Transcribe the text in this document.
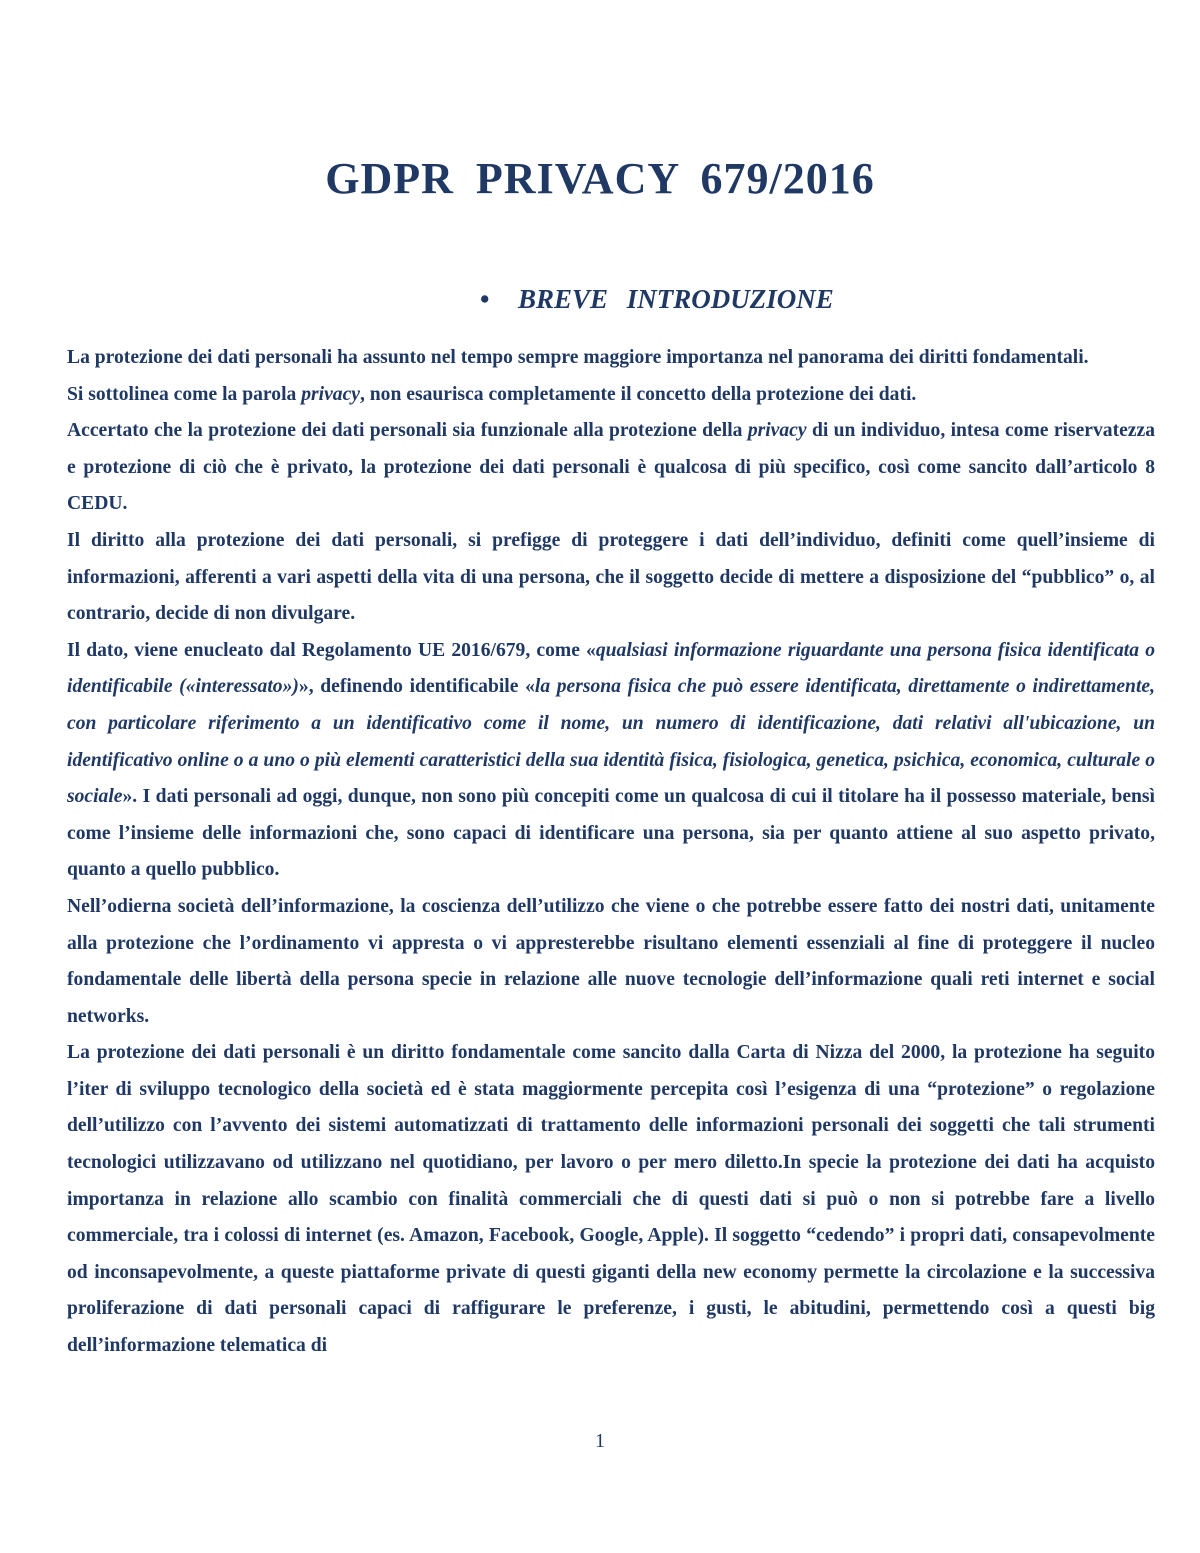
GDPR PRIVACY 679/2016
• BREVE INTRODUZIONE

La protezione dei dati personali ha assunto nel tempo sempre maggiore importanza nel panorama dei diritti fondamentali.

Si sottolinea come la parola privacy, non esaurisca completamente il concetto della protezione dei dati.

Accertato che la protezione dei dati personali sia funzionale alla protezione della privacy di un individuo, intesa come riservatezza e protezione di ciò che è privato, la protezione dei dati personali è qualcosa di più specifico, così come sancito dall’articolo 8 CEDU.

Il diritto alla protezione dei dati personali, si prefigge di proteggere i dati dell’individuo, definiti come quell’insieme di informazioni, afferenti a vari aspetti della vita di una persona, che il soggetto decide di mettere a disposizione del “pubblico” o, al contrario, decide di non divulgare.

Il dato, viene enucleato dal Regolamento UE 2016/679, come «qualsiasi informazione riguardante una persona fisica identificata o identificabile («interessato»)», definendo identificabile «la persona fisica che può essere identificata, direttamente o indirettamente, con particolare riferimento a un identificativo come il nome, un numero di identificazione, dati relativi all'ubicazione, un identificativo online o a uno o più elementi caratteristici della sua identità fisica, fisiologica, genetica, psichica, economica, culturale o sociale». I dati personali ad oggi, dunque, non sono più concepiti come un qualcosa di cui il titolare ha il possesso materiale, bensì come l’insieme delle informazioni che, sono capaci di identificare una persona, sia per quanto attiene al suo aspetto privato, quanto a quello pubblico.

Nell’odierna società dell’informazione, la coscienza dell’utilizzo che viene o che potrebbe essere fatto dei nostri dati, unitamente alla protezione che l’ordinamento vi appresta o vi appresterebbe risultano elementi essenziali al fine di proteggere il nucleo fondamentale delle libertà della persona specie in relazione alle nuove tecnologie dell’informazione quali reti internet e social networks.

La protezione dei dati personali è un diritto fondamentale come sancito dalla Carta di Nizza del 2000, la protezione ha seguito l’iter di sviluppo tecnologico della società ed è stata maggiormente percepita così l’esigenza di una “protezione” o regolazione dell’utilizzo con l’avvento dei sistemi automatizzati di trattamento delle informazioni personali dei soggetti che tali strumenti tecnologici utilizzavano od utilizzano nel quotidiano, per lavoro o per mero diletto.In specie la protezione dei dati ha acquisto importanza in relazione allo scambio con finalità commerciali che di questi dati si può o non si potrebbe fare a livello commerciale, tra i colossi di internet (es. Amazon, Facebook, Google, Apple). Il soggetto “cedendo” i propri dati, consapevolmente od inconsapevolmente, a queste piattaforme private di questi giganti della new economy permette la circolazione e la successiva proliferazione di dati personali capaci di raffigurare le preferenze, i gusti, le abitudini, permettendo così a questi big dell’informazione telematica di

1
